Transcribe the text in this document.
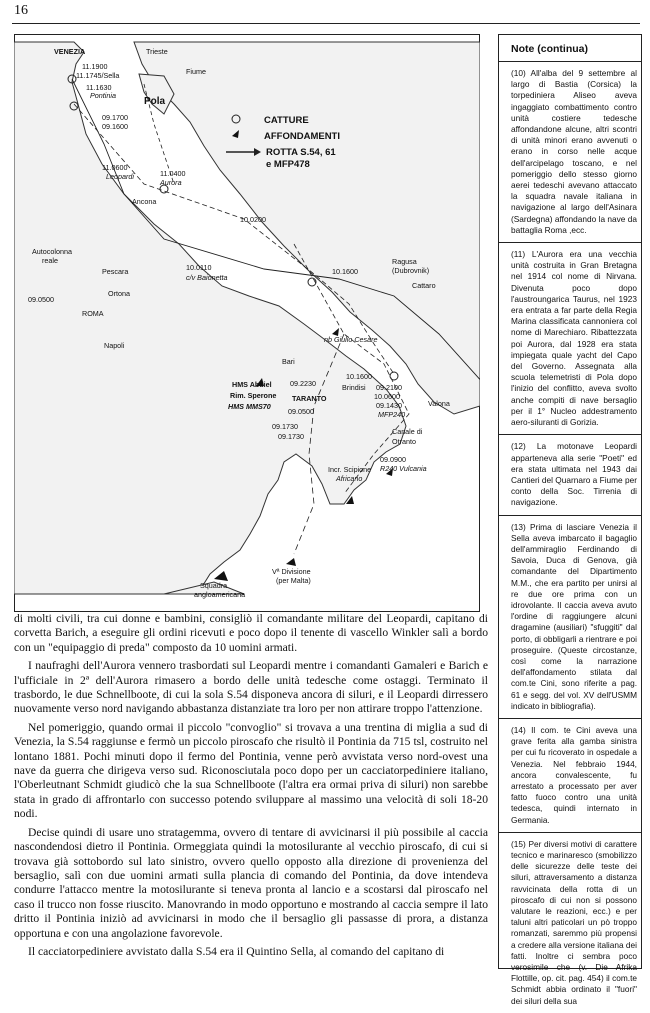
16
VENEZIA	Trieste
Fiume
Pola
11.1900
11.1745/Sella
11.1630
Pontinia
09.1700
09.1600
11.0600
Leopardi	11.0400
Aurora
Ancona
10.0200
Ragusa
(Dubrovnik)
Cattaro
10.1600
Autocolonna
reale
Pescara
Ortona
10.0110
c/v Baionetta
09.0500
ROMA
Napoli
nb Giulio Cesare
Bari
10.1600
Brindisi 09.2100
10.0600
09.1430
MFP240
Valona
HMS Abdiel
Rim. Sperone
HMS MMS70
09.2230
TARANTO
09.0500
09.1730
09.1730
Canale di
Otranto
09.0900
R240 Vulcania
Incr. Scipione
Africano
Squadra
angloamericana
Vª Divisione
(per Malta)
CATTURE
AFFONDAMENTI
ROTTA S.54, 61
e MFP478
Note (continua)
(10) All'alba del 9 settembre al largo di Bastia (Corsica) la torpediniera Aliseo aveva ingaggiato combattimento contro unità costiere tedesche affondandone alcune, altri scontri di unità minori erano avvenuti o erano in corso nelle acque dell'arcipelago toscano, e nel pomeriggio dello stesso giorno aerei tedeschi avevano attaccato la squadra navale italiana in navigazione al largo dell'Asinara (Sardegna) affondando la nave da battaglia Roma ,ecc.
(11) L'Aurora era una vecchia unità costruita in Gran Bretagna nel 1914 col nome di Nirvana. Divenuta poco dopo l'austroungarica Taurus, nel 1923 era entrata a far parte della Regia Marina classificata cannoniera col nome di Marechiaro. Ribattezzata poi Aurora, dal 1928 era stata impiegata quale yacht del Capo del Governo. Assegnata alla scuola telemetristi di Pola dopo l'inizio del conflitto, aveva svolto anche compiti di nave bersaglio per il 1° Nucleo addestramento aero-siluranti di Gorizia.
(12) La motonave Leopardi apparteneva alla serie "Poeti" ed era stata ultimata nel 1943 dai Cantieri del Quarnaro a Fiume per conto della Soc. Tirrenia di navigazione.
(13) Prima di lasciare Venezia il Sella aveva imbarcato il bagaglio dell'ammiraglio Ferdinando di Savoia, Duca di Genova, già comandante del Dipartimento M.M., che era partito per unirsi al re due ore prima con un idrovolante. Il caccia aveva avuto l'ordine di raggiungere alcuni dragamine (ausiliari) "sfuggiti" dal porto, di obbligarli a rientrare e poi proseguire. (Queste circostanze, così come la narrazione dell'affondamento stilata dal com.te Cini, sono riferite a pag. 61 e segg. del vol. XV dell'USMM indicato in bibliografia).
(14) Il com. te Cini aveva una grave ferita alla gamba sinistra per cui fu ricoverato in ospedale a Venezia. Nel febbraio 1944, ancora convalescente, fu arrestato a processato per aver fatto fuoco contro una unità tedesca, quindi internato in Germania.
(15) Per diversi motivi di carattere tecnico e marinaresco (smobilizzo delle sicurezze delle teste dei siluri, attraversamento a distanza ravvicinata della rotta di un piroscafo di cui non si possono valutare le reazioni, ecc.) e per taluni altri paticolari un pò troppo romanzati, saremmo più propensi a credere alla versione italiana dei fatti. Inoltre ci sembra poco verosimile che (v. Die Afrika Flottille, op. cit. pag. 454) il com.te Schmidt abbia ordinato il "fuori" dei siluri della sua

di molti civili, tra cui donne e bambini, consigliò il comandante militare del Leopardi, capitano di corvetta Barich, a eseguire gli ordini ricevuti e poco dopo il tenente di vascello Winkler salì a bordo con un "equipaggio di preda" composto da 10 uomini armati.

I naufraghi dell'Aurora vennero trasbordati sul Leopardi mentre i comandanti Gamaleri e Barich e l'ufficiale in 2ª dell'Aurora rimasero a bordo delle unità tedesche come ostaggi. Terminato il trasbordo, le due Schnellboote, di cui la sola S.54 disponeva ancora di siluri, e il Leopardi dirressero nuovamente verso nord navigando abbastanza distanziate tra loro per non attirare troppo l'attenzione.

Nel pomeriggio, quando ormai il piccolo "convoglio" si trovava a una trentina di miglia a sud di Venezia, la S.54 raggiunse e fermò un piccolo piroscafo che risultò il Pontinia da 715 tsl, costruito nel lontano 1881. Pochi minuti dopo il fermo del Pontinia, venne però avvistata verso nord-ovest una nave da guerra che dirigeva verso sud. Riconosciutala poco dopo per un cacciatorpediniere italiano, l'Oberleutnant Schmidt giudicò che la sua Schnellboote (l'altra era ormai priva di siluri) non sarebbe stata in grado di affrontarlo con successo potendo sviluppare al massimo una velocità di soli 18-20 nodi.

Decise quindi di usare uno stratagemma, ovvero di tentare di avvicinarsi il più possibile al caccia nascondendosi dietro il Pontinia. Ormeggiata quindi la motosilurante al vecchio piroscafo, di cui si trovava già sottobordo sul lato sinistro, ovvero quello opposto alla direzione di provenienza del bersaglio, salì con due uomini armati sulla plancia di comando del Pontinia, da dove intendeva condurre l'attacco mentre la motosilurante si teneva pronta al lancio e a scostarsi dal piroscafo nel caso il trucco non fosse riuscito. Manovrando in modo opportuno e mostrando al caccia sempre il lato dritto il Pontinia iniziò ad avvicinarsi in modo che il bersaglio gli passasse di prora, a distanza opportuna e con una angolazione favorevole.

Il cacciatorpediniere avvistato dalla S.54 era il Quintino Sella, al comando del capitano di
